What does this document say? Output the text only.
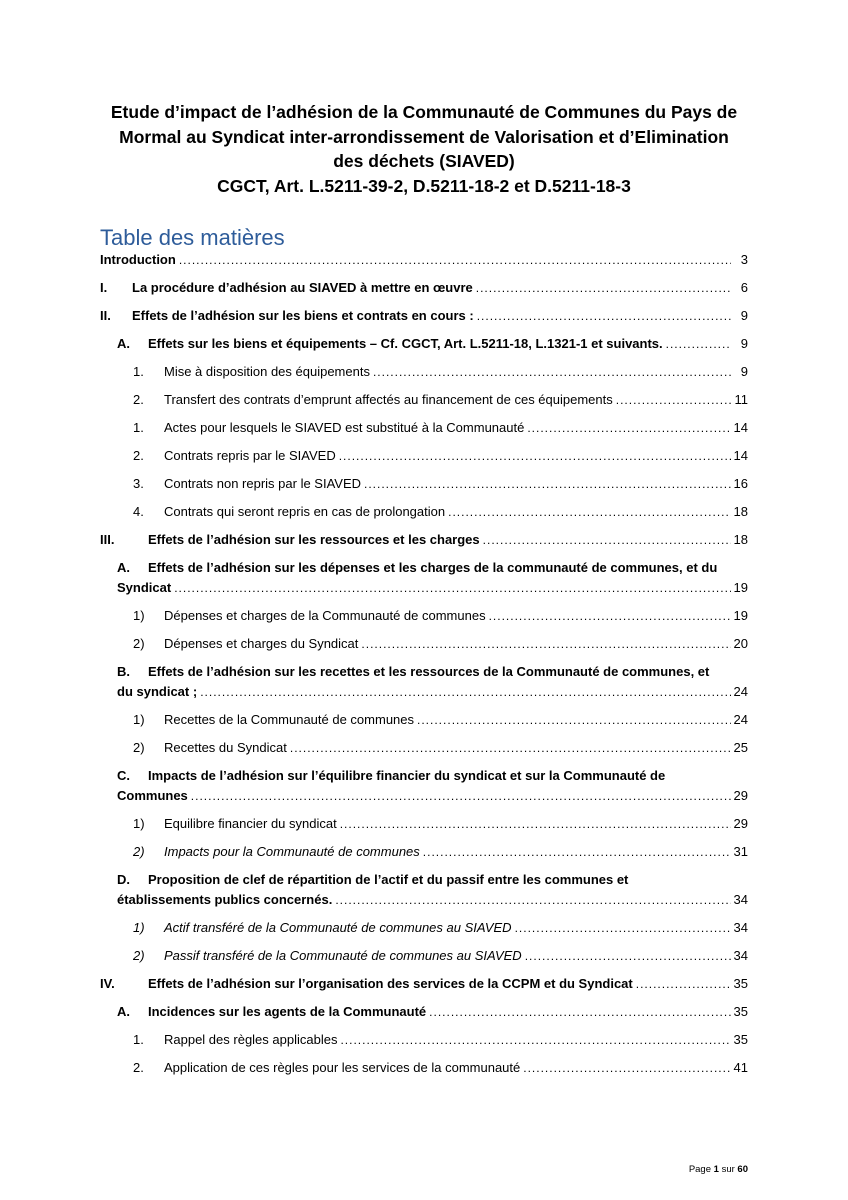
Etude d’impact de l’adhésion de la Communauté de Communes du Pays de
Mormal au Syndicat inter-arrondissement de Valorisation et d’Elimination
des déchets (SIAVED)
CGCT, Art. L.5211-39-2, D.5211-18-2 et D.5211-18-3
Table des matières
Introduction .....	3
I. La procédure d’adhésion au SIAVED à mettre en œuvre .....	6
II. Effets de l’adhésion sur les biens et contrats en cours : .....	9
A. Effets sur les biens et équipements – Cf. CGCT, Art. L.5211-18, L.1321-1 et suivants. .....	9
1. Mise à disposition des équipements .....	9
2. Transfert des contrats d’emprunt affectés au financement de ces équipements .....	11
1. Actes pour lesquels le SIAVED est substitué à la Communauté .....	14
2. Contrats repris par le SIAVED .....	14
3. Contrats non repris par le SIAVED .....	16
4. Contrats qui seront repris en cas de prolongation .....	18
III.	Effets de l’adhésion sur les ressources et les charges .....	18
A. Effets de l’adhésion sur les dépenses et les charges de la communauté de communes, et du
Syndicat .....	19
1) Dépenses et charges de la Communauté de communes .....	19
2) Dépenses et charges du Syndicat .....	20
B. Effets de l’adhésion sur les recettes et les ressources de la Communauté de communes, et
du syndicat ; .....	24
1) Recettes de la Communauté de communes .....	24
2) Recettes du Syndicat .....	25
C. Impacts de l’adhésion sur l’équilibre financier du syndicat et sur la Communauté de
Communes .....	29
1) Equilibre financier du syndicat .....	29
2) Impacts pour la Communauté de communes .....	31
D. Proposition de clef de répartition de l’actif et du passif entre les communes et
établissements publics concernés. .....	34
1) Actif transféré de la Communauté de communes au SIAVED .....	34
2) Passif transféré de la Communauté de communes au SIAVED .....	34
IV.	Effets de l’adhésion sur l’organisation des services de la CCPM et du Syndicat .....	35
A. Incidences sur les agents de la Communauté .....	35
1. Rappel des règles applicables .....	35
2. Application de ces règles pour les services de la communauté .....	41
Page 1 sur 60
